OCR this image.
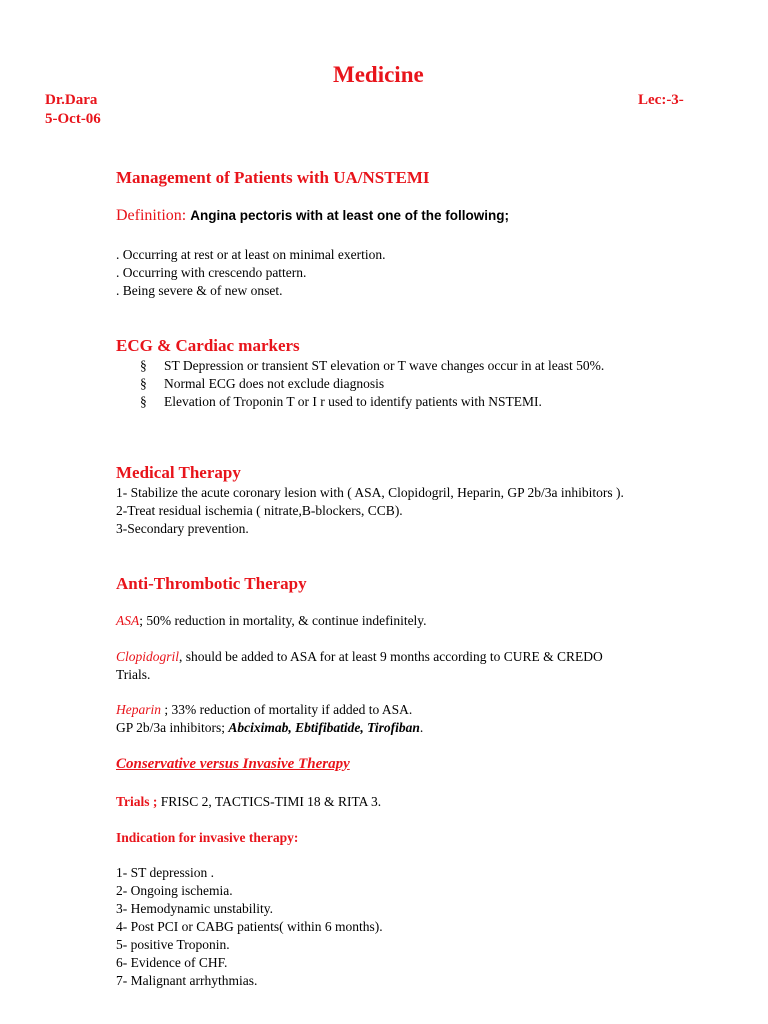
Medicine
Dr.Dara	Lec:-3-
5-Oct-06
Management of Patients with UA/NSTEMI
Definition: Angina pectoris with at least one of the following;
. Occurring at rest or at least on minimal exertion.
. Occurring with crescendo pattern.
. Being severe & of new onset.
ECG & Cardiac markers
§	ST Depression or transient ST elevation or T wave changes occur in at least 50%.
§	Normal ECG does not exclude diagnosis
§	Elevation of Troponin T or I r used to identify patients with NSTEMI.
Medical Therapy
1- Stabilize the acute coronary lesion with ( ASA, Clopidogril, Heparin, GP 2b/3a inhibitors ).
2-Treat residual ischemia ( nitrate,B-blockers, CCB).
3-Secondary prevention.
Anti-Thrombotic Therapy
ASA; 50% reduction in mortality, & continue indefinitely.
Clopidogril, should be added to ASA for at least 9 months according to CURE & CREDO Trials.
Heparin ; 33% reduction of mortality if added to ASA.
GP 2b/3a inhibitors; Abciximab, Ebtifibatide, Tirofiban.
Conservative versus Invasive Therapy
Trials ; FRISC 2, TACTICS-TIMI 18 & RITA 3.
Indication for invasive therapy:
1- ST depression .
2- Ongoing ischemia.
3- Hemodynamic unstability.
4- Post PCI or CABG patients( within 6 months).
5- positive Troponin.
6- Evidence of CHF.
7- Malignant arrhythmias.
